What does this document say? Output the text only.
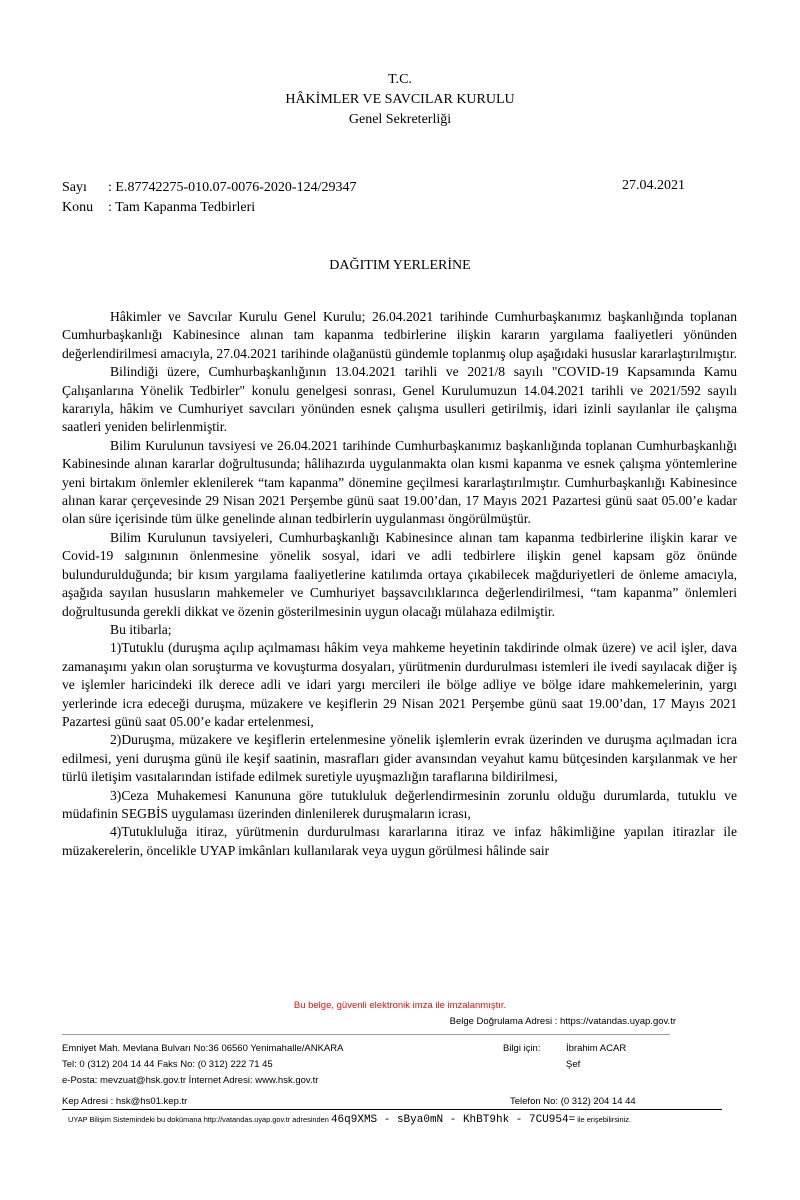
T.C.
HÂKİMLER VE SAVCILAR KURULU
Genel Sekreterliği
Sayı : E.87742275-010.07-0076-2020-124/29347	27.04.2021
Konu : Tam Kapanma Tedbirleri
DAĞITIM YERLERİNE

Hâkimler ve Savcılar Kurulu Genel Kurulu; 26.04.2021 tarihinde Cumhurbaşkanımız başkanlığında toplanan Cumhurbaşkanlığı Kabinesince alınan tam kapanma tedbirlerine ilişkin kararın yargılama faaliyetleri yönünden değerlendirilmesi amacıyla, 27.04.2021 tarihinde olağanüstü gündemle toplanmış olup aşağıdaki hususlar kararlaştırılmıştır.

Bilindiği üzere, Cumhurbaşkanlığının 13.04.2021 tarihli ve 2021/8 sayılı "COVID-19 Kapsamında Kamu Çalışanlarına Yönelik Tedbirler" konulu genelgesi sonrası, Genel Kurulumuzun 14.04.2021 tarihli ve 2021/592 sayılı kararıyla, hâkim ve Cumhuriyet savcıları yönünden esnek çalışma usulleri getirilmiş, idari izinli sayılanlar ile çalışma saatleri yeniden belirlenmiştir.

Bilim Kurulunun tavsiyesi ve 26.04.2021 tarihinde Cumhurbaşkanımız başkanlığında toplanan Cumhurbaşkanlığı Kabinesinde alınan kararlar doğrultusunda; hâlihazırda uygulanmakta olan kısmi kapanma ve esnek çalışma yöntemlerine yeni birtakım önlemler eklenilerek “tam kapanma” dönemine geçilmesi kararlaştırılmıştır. Cumhurbaşkanlığı Kabinesince alınan karar çerçevesinde 29 Nisan 2021 Perşembe günü saat 19.00’dan, 17 Mayıs 2021 Pazartesi günü saat 05.00’e kadar olan süre içerisinde tüm ülke genelinde alınan tedbirlerin uygulanması öngörülmüştür.

Bilim Kurulunun tavsiyeleri, Cumhurbaşkanlığı Kabinesince alınan tam kapanma tedbirlerine ilişkin karar ve Covid-19 salgınının önlenmesine yönelik sosyal, idari ve adli tedbirlere ilişkin genel kapsam göz önünde bulundurulduğunda; bir kısım yargılama faaliyetlerine katılımda ortaya çıkabilecek mağduriyetleri de önleme amacıyla, aşağıda sayılan hususların mahkemeler ve Cumhuriyet başsavcılıklarınca değerlendirilmesi, “tam kapanma” önlemleri doğrultusunda gerekli dikkat ve özenin gösterilmesinin uygun olacağı mülahaza edilmiştir.

Bu itibarla;

1)Tutuklu (duruşma açılıp açılmaması hâkim veya mahkeme heyetinin takdirinde olmak üzere) ve acil işler, dava zamanaşımı yakın olan soruşturma ve kovuşturma dosyaları, yürütmenin durdurulması istemleri ile ivedi sayılacak diğer iş ve işlemler haricindeki ilk derece adli ve idari yargı mercileri ile bölge adliye ve bölge idare mahkemelerinin, yargı yerlerinde icra edeceği duruşma, müzakere ve keşiflerin 29 Nisan 2021 Perşembe günü saat 19.00’dan, 17 Mayıs 2021 Pazartesi günü saat 05.00’e kadar ertelenmesi,

2)Duruşma, müzakere ve keşiflerin ertelenmesine yönelik işlemlerin evrak üzerinden ve duruşma açılmadan icra edilmesi, yeni duruşma günü ile keşif saatinin, masrafları gider avansından veyahut kamu bütçesinden karşılanmak ve her türlü iletişim vasıtalarından istifade edilmek suretiyle uyuşmazlığın taraflarına bildirilmesi,

3)Ceza Muhakemesi Kanununa göre tutukluluk değerlendirmesinin zorunlu olduğu durumlarda, tutuklu ve müdafinin SEGBİS uygulaması üzerinden dinlenilerek duruşmaların icrası,

4)Tutukluluğa itiraz, yürütmenin durdurulması kararlarına itiraz ve infaz hâkimliğine yapılan itirazlar ile müzakerelerin, öncelikle UYAP imkânları kullanılarak veya uygun görülmesi hâlinde sair

Bu belge, güvenli elektronik imza ile imzalanmıştır.
Belge Doğrulama Adresi : https://vatandas.uyap.gov.tr
Emniyet Mah. Mevlana Bulvarı No:36 06560 Yenimahalle/ANKARA
Tel: 0 (312) 204 14 44 Faks No: (0 312) 222 71 45
e-Posta: mevzuat@hsk.gov.tr İnternet Adresi: www.hsk.gov.tr
Kep Adresi : hsk@hs01.kep.tr
Bilgi için:	İbrahim ACAR
Şef
Telefon No: (0 312) 204 14 44
UYAP Bilişim Sistemindeki bu dokümana http://vatandas.uyap.gov.tr adresinden 46q9XMS - sBya0mN - KhBT9hk - 7CU954= ile erişebilirsiniz.
